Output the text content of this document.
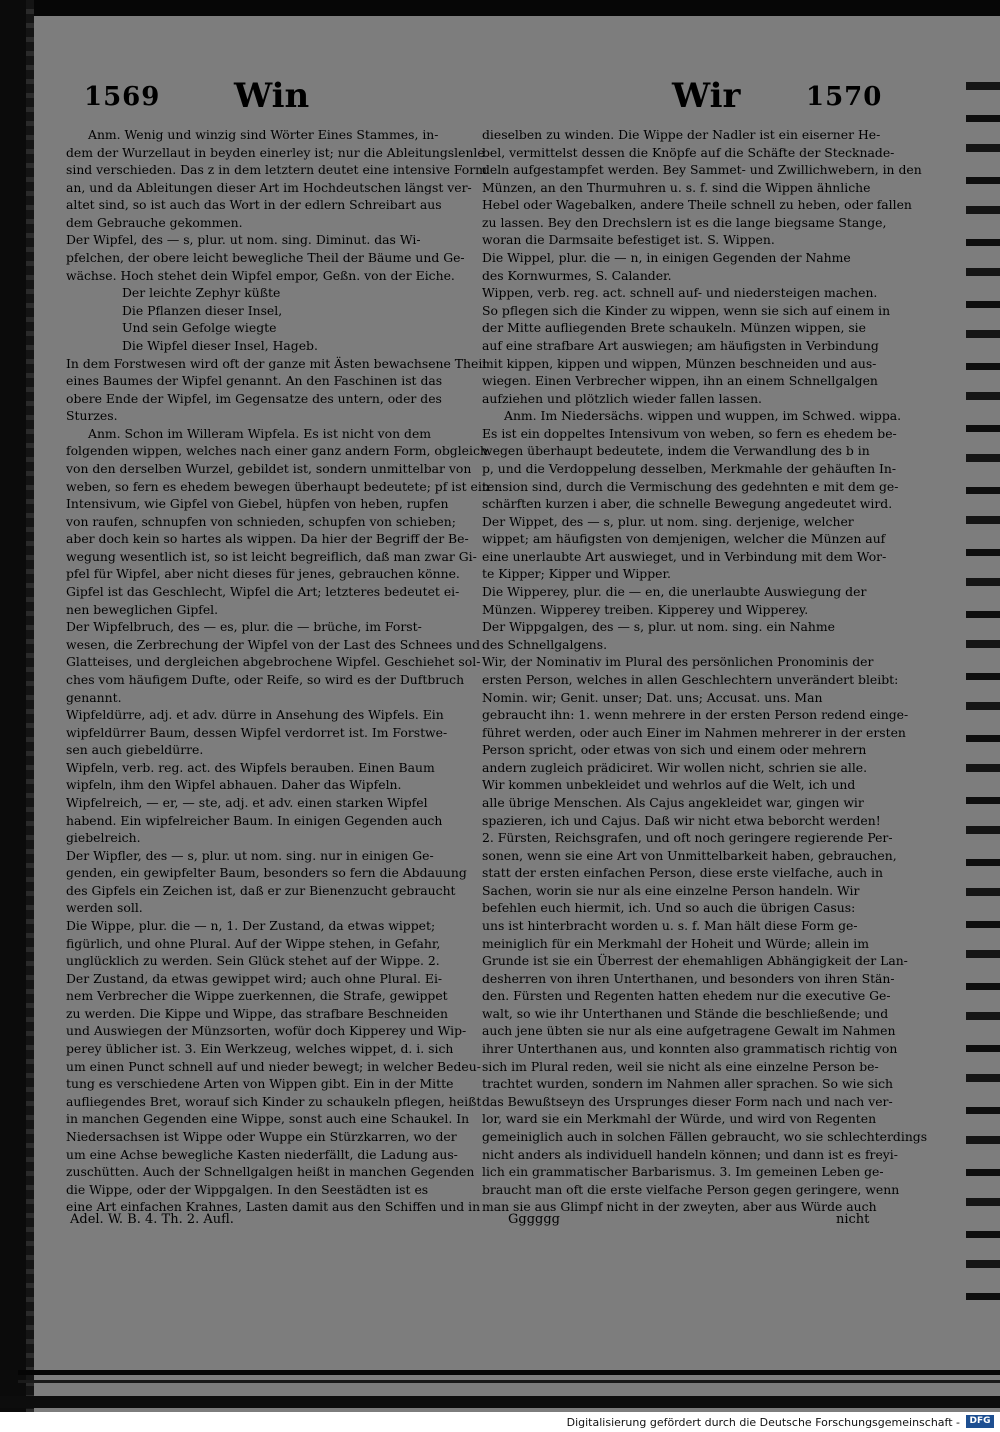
1569 Win	Wir	1570

Anm. Wenig und winzig sind Wörter Eines Stammes, in-

dem der Wurzellaut in beyden einerley ist; nur die Ableitungslenle

sind verschieden. Das z in dem letztern deutet eine intensive Form

an, und da Ableitungen dieser Art im Hochdeutschen längst ver-

altet sind, so ist auch das Wort in der edlern Schreibart aus

dem Gebrauche gekommen.

Der Wipfel, des — s, plur. ut nom. sing. Diminut. das Wi-

pfelchen, der obere leicht bewegliche Theil der Bäume und Ge-

wächse. Hoch stehet dein Wipfel empor, Geßn. von der Eiche.

Der leichte Zephyr küßte

Die Pflanzen dieser Insel,

Und sein Gefolge wiegte

Die Wipfel dieser Insel, Hageb.

In dem Forstwesen wird oft der ganze mit Ästen bewachsene Theil

eines Baumes der Wipfel genannt. An den Faschinen ist das

obere Ende der Wipfel, im Gegensatze des untern, oder des

Sturzes.

Anm. Schon im Willeram Wipfela. Es ist nicht von dem

folgenden wippen, welches nach einer ganz andern Form, obgleich

von den derselben Wurzel, gebildet ist, sondern unmittelbar von

weben, so fern es ehedem bewegen überhaupt bedeutete; pf ist ein

Intensivum, wie Gipfel von Giebel, hüpfen von heben, rupfen

von raufen, schnupfen von schnieden, schupfen von schieben;

aber doch kein so hartes als wippen. Da hier der Begriff der Be-

wegung wesentlich ist, so ist leicht begreiflich, daß man zwar Gi-

pfel für Wipfel, aber nicht dieses für jenes, gebrauchen könne.

Gipfel ist das Geschlecht, Wipfel die Art; letzteres bedeutet ei-

nen beweglichen Gipfel.

Der Wipfelbruch, des — es, plur. die — brüche, im Forst-

wesen, die Zerbrechung der Wipfel von der Last des Schnees und

Glatteises, und dergleichen abgebrochene Wipfel. Geschiehet sol-

ches vom häufigem Dufte, oder Reife, so wird es der Duftbruch

genannt.

Wipfeldürre, adj. et adv. dürre in Ansehung des Wipfels. Ein

wipfeldürrer Baum, dessen Wipfel verdorret ist. Im Forstwe-

sen auch giebeldürre.

Wipfeln, verb. reg. act. des Wipfels berauben. Einen Baum

wipfeln, ihm den Wipfel abhauen. Daher das Wipfeln.

Wipfelreich, — er, — ste, adj. et adv. einen starken Wipfel

habend. Ein wipfelreicher Baum. In einigen Gegenden auch

giebelreich.

Der Wipfler, des — s, plur. ut nom. sing. nur in einigen Ge-

genden, ein gewipfelter Baum, besonders so fern die Abdauung

des Gipfels ein Zeichen ist, daß er zur Bienenzucht gebraucht

werden soll.

Die Wippe, plur. die — n, 1. Der Zustand, da etwas wippet;

figürlich, und ohne Plural. Auf der Wippe stehen, in Gefahr,

unglücklich zu werden. Sein Glück stehet auf der Wippe. 2.

Der Zustand, da etwas gewippet wird; auch ohne Plural. Ei-

nem Verbrecher die Wippe zuerkennen, die Strafe, gewippet

zu werden. Die Kippe und Wippe, das strafbare Beschneiden

und Auswiegen der Münzsorten, wofür doch Kipperey und Wip-

perey üblicher ist. 3. Ein Werkzeug, welches wippet, d. i. sich

um einen Punct schnell auf und nieder bewegt; in welcher Bedeu-

tung es verschiedene Arten von Wippen gibt. Ein in der Mitte

aufliegendes Bret, worauf sich Kinder zu schaukeln pflegen, heißt

in manchen Gegenden eine Wippe, sonst auch eine Schaukel. In

Niedersachsen ist Wippe oder Wuppe ein Stürzkarren, wo der

um eine Achse bewegliche Kasten niederfällt, die Ladung aus-

zuschütten. Auch der Schnellgalgen heißt in manchen Gegenden

die Wippe, oder der Wippgalgen. In den Seestädten ist es

eine Art einfachen Krahnes, Lasten damit aus den Schiffen und in

dieselben zu winden. Die Wippe der Nadler ist ein eiserner He-

bel, vermittelst dessen die Knöpfe auf die Schäfte der Stecknade-

deln aufgestampfet werden. Bey Sammet- und Zwillichwebern, in den

Münzen, an den Thurmuhren u. s. f. sind die Wippen ähnliche

Hebel oder Wagebalken, andere Theile schnell zu heben, oder fallen

zu lassen. Bey den Drechslern ist es die lange biegsame Stange,

woran die Darmsaite befestiget ist. S. Wippen.

Die Wippel, plur. die — n, in einigen Gegenden der Nahme

des Kornwurmes, S. Calander.

Wippen, verb. reg. act. schnell auf- und niedersteigen machen.

So pflegen sich die Kinder zu wippen, wenn sie sich auf einem in

der Mitte aufliegenden Brete schaukeln. Münzen wippen, sie

auf eine strafbare Art auswiegen; am häufigsten in Verbindung

mit kippen, kippen und wippen, Münzen beschneiden und aus-

wiegen. Einen Verbrecher wippen, ihn an einem Schnellgalgen

aufziehen und plötzlich wieder fallen lassen.

Anm. Im Niedersächs. wippen und wuppen, im Schwed. wippa.

Es ist ein doppeltes Intensivum von weben, so fern es ehedem be-

wegen überhaupt bedeutete, indem die Verwandlung des b in

p, und die Verdoppelung desselben, Merkmahle der gehäuften In-

tension sind, durch die Vermischung des gedehnten e mit dem ge-

schärften kurzen i aber, die schnelle Bewegung angedeutet wird.

Der Wippet, des — s, plur. ut nom. sing. derjenige, welcher

wippet; am häufigsten von demjenigen, welcher die Münzen auf

eine unerlaubte Art auswieget, und in Verbindung mit dem Wor-

te Kipper; Kipper und Wipper.

Die Wipperey, plur. die — en, die unerlaubte Auswiegung der

Münzen. Wipperey treiben. Kipperey und Wipperey.

Der Wippgalgen, des — s, plur. ut nom. sing. ein Nahme

des Schnellgalgens.

Wir, der Nominativ im Plural des persönlichen Pronominis der

ersten Person, welches in allen Geschlechtern unverändert bleibt:

Nomin. wir; Genit. unser; Dat. uns; Accusat. uns. Man

gebraucht ihn: 1. wenn mehrere in der ersten Person redend einge-

führet werden, oder auch Einer im Nahmen mehrerer in der ersten

Person spricht, oder etwas von sich und einem oder mehrern

andern zugleich prädiciret. Wir wollen nicht, schrien sie alle.

Wir kommen unbekleidet und wehrlos auf die Welt, ich und

alle übrige Menschen. Als Cajus angekleidet war, gingen wir

spazieren, ich und Cajus. Daß wir nicht etwa beborcht werden!

2. Fürsten, Reichsgrafen, und oft noch geringere regierende Per-

sonen, wenn sie eine Art von Unmittelbarkeit haben, gebrauchen,

statt der ersten einfachen Person, diese erste vielfache, auch in

Sachen, worin sie nur als eine einzelne Person handeln. Wir

befehlen euch hiermit, ich. Und so auch die übrigen Casus:

uns ist hinterbracht worden u. s. f. Man hält diese Form ge-

meiniglich für ein Merkmahl der Hoheit und Würde; allein im

Grunde ist sie ein Überrest der ehemahligen Abhängigkeit der Lan-

desherren von ihren Unterthanen, und besonders von ihren Stän-

den. Fürsten und Regenten hatten ehedem nur die executive Ge-

walt, so wie ihr Unterthanen und Stände die beschließende; und

auch jene übten sie nur als eine aufgetragene Gewalt im Nahmen

ihrer Unterthanen aus, und konnten also grammatisch richtig von

sich im Plural reden, weil sie nicht als eine einzelne Person be-

trachtet wurden, sondern im Nahmen aller sprachen. So wie sich

das Bewußtseyn des Ursprunges dieser Form nach und nach ver-

lor, ward sie ein Merkmahl der Würde, und wird von Regenten

gemeiniglich auch in solchen Fällen gebraucht, wo sie schlechterdings

nicht anders als individuell handeln können; und dann ist es freyi-

lich ein grammatischer Barbarismus. 3. Im gemeinen Leben ge-

braucht man oft die erste vielfache Person gegen geringere, wenn

man sie aus Glimpf nicht in der zweyten, aber aus Würde auch

Adel. W. B. 4. Th. 2. Aufl.	Gggggg	nicht
Digitalisierung gefördert durch die Deutsche Forschungsgemeinschaft -	DFG
